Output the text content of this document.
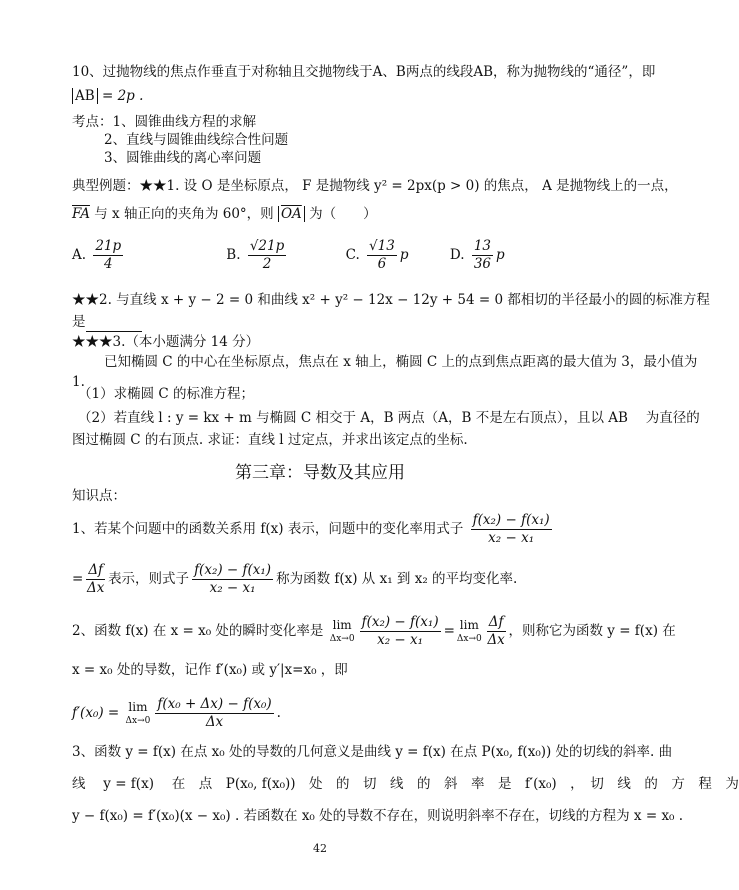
10、过抛物线的焦点作垂直于对称轴且交抛物线于A、B两点的线段AB，称为抛物线的“通径”，即
AB = 2p .
考点：1、圆锥曲线方程的求解
2、直线与圆锥曲线综合性问题
3、圆锥曲线的离心率问题
典型例题：★★1. 设 O 是坐标原点， F 是抛物线 y² = 2px(p > 0) 的焦点， A 是抛物线上的一点，
$\overline{FA}$ 与 x 轴正向的夹角为 60°，则 $\overline{OA}$ 为（　　）
A. $\frac{21p}{4}$	B. $\frac{√21p}{2}$	C. $\frac{√13}{6}$ p	D. $\frac{13}{36}$ p
★★2. 与直线 x + y − 2 = 0 和曲线 x² + y² − 12x − 12y + 54 = 0 都相切的半径最小的圆的标准方程
是
★★★3.（本小题满分 14 分）
已知椭圆 C 的中心在坐标原点，焦点在 x 轴上，椭圆 C 上的点到焦点距离的最大值为 3，最小值为
1.
（1）求椭圆 C 的标准方程；
（2）若直线 l : y = kx + m 与椭圆 C 相交于 A，B 两点（A，B 不是左右顶点），且以 AB　 为直径的
图过椭圆 C 的右顶点. 求证：直线 l 过定点，并求出该定点的坐标.
第三章：导数及其应用
知识点：
1、若某个问题中的函数关系用 f(x) 表示，问题中的变化率用式子 $\frac{\text{f(x₂) − f(x₁)}}{\text{x₂ − x₁}}$
= $\frac{\Delta f}{\Delta x}$ 表示，则式子 $\frac{\text{f(x₂) − f(x₁)}}{\text{x₂ − x₁}}$ 称为函数 f(x) 从 x₁ 到 x₂ 的平均变化率.
2、函数 f(x) 在 x = x₀ 处的瞬时变化率是 lim
$\Delta x\to 0 \frac{\text{f(x₂) − f(x₁)}}{\text{x₂ − x₁}} = \lim$
$\Delta x\to 0 \frac{\Delta f}{\Delta x}$ ，则称它为函数 y = f(x) 在
x = x₀ 处的导数，记作 f′(x₀) 或 y′|x=x₀ ，即
f′(x₀) = lim
$\Delta x\to 0 \frac{\text{f(x₀ + Δx) − f(x₀)}}{\Delta x}$ .
3、函数 y = f(x) 在点 x₀ 处的导数的几何意义是曲线 y = f(x) 在点 P(x₀, f(x₀)) 处的切线的斜率. 曲
线　 y = f(x)　 在　点　P(x₀, f(x₀))　处　的　切　线　的　斜　率　是　f′(x₀)　，　切　线　的　方　程　为
y − f(x₀) = f′(x₀)(x − x₀) . 若函数在 x₀ 处的导数不存在，则说明斜率不存在，切线的方程为 x = x₀ .
42
